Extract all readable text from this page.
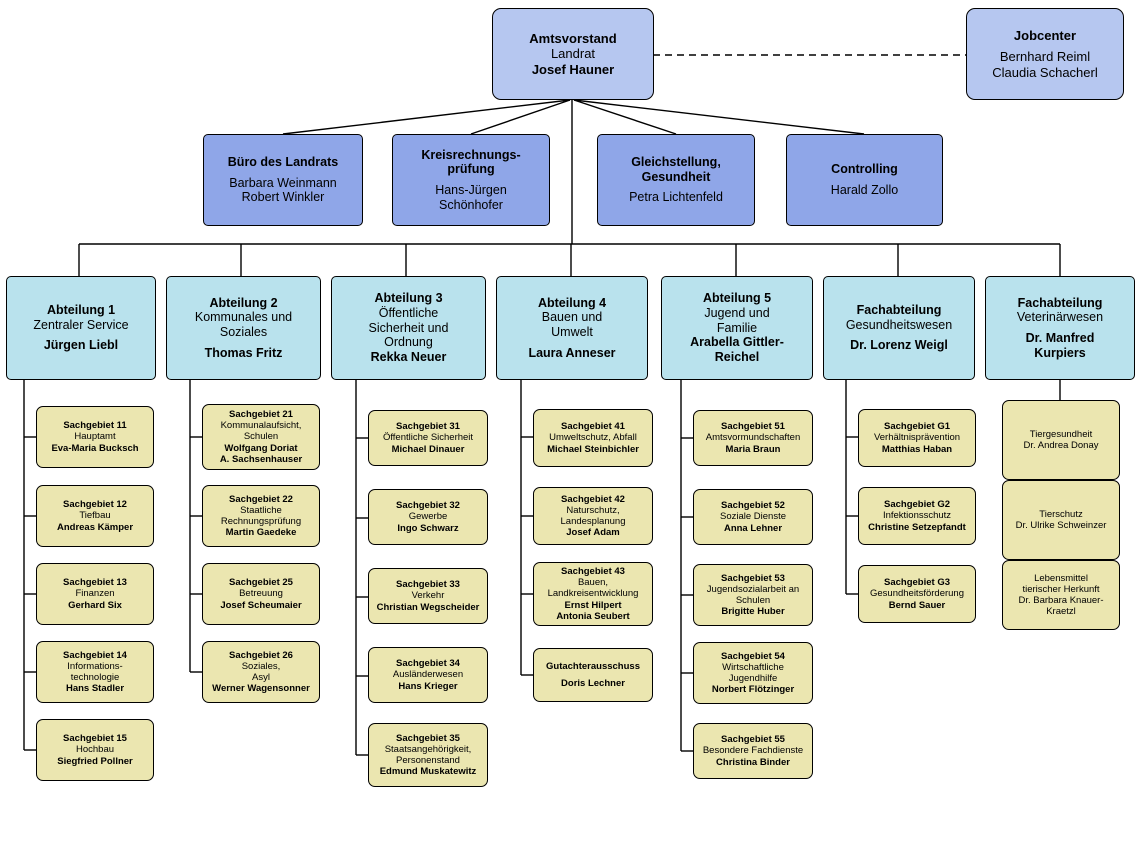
Amtsvorstand
Landrat
Josef Hauner
Jobcenter
Bernhard Reiml
Claudia Schacherl
Büro des Landrats
Barbara Weinmann
Robert Winkler
Kreisrechnungs-
prüfung
Hans-Jürgen
Schönhofer
Gleichstellung,
Gesundheit
Petra Lichtenfeld
Controlling
Harald Zollo
Abteilung 1
Zentraler Service
Jürgen Liebl
Abteilung 2
Kommunales und
Soziales
Thomas Fritz
Abteilung 3
Öffentliche
Sicherheit und
Ordnung
Rekka Neuer
Abteilung 4
Bauen und
Umwelt
Laura Anneser
Abteilung 5
Jugend und
Familie
Arabella Gittler-
Reichel
Fachabteilung
Gesundheitswesen
Dr. Lorenz Weigl
Fachabteilung
Veterinärwesen
Dr. Manfred
Kurpiers
Sachgebiet 11
Hauptamt
Eva-Maria Bucksch
Sachgebiet 12
Tiefbau
Andreas Kämper
Sachgebiet 13
Finanzen
Gerhard Six
Sachgebiet 14
Informations-
technologie
Hans Stadler
Sachgebiet 15
Hochbau
Siegfried Pollner
Sachgebiet 21
Kommunalaufsicht,
Schulen
Wolfgang Doriat
A. Sachsenhauser
Sachgebiet 22
Staatliche
Rechnungsprüfung
Martin Gaedeke
Sachgebiet 25
Betreuung
Josef Scheumaier
Sachgebiet 26
Soziales,
Asyl
Werner Wagensonner
Sachgebiet 31
Öffentliche Sicherheit
Michael Dinauer
Sachgebiet 32
Gewerbe
Ingo Schwarz
Sachgebiet 33
Verkehr
Christian Wegscheider
Sachgebiet 34
Ausländerwesen
Hans Krieger
Sachgebiet 35
Staatsangehörigkeit,
Personenstand
Edmund Muskatewitz
Sachgebiet 41
Umweltschutz, Abfall
Michael Steinbichler
Sachgebiet 42
Naturschutz,
Landesplanung
Josef Adam
Sachgebiet 43
Bauen,
Landkreisentwicklung
Ernst Hilpert
Antonia Seubert
Gutachterausschuss
Doris Lechner
Sachgebiet 51
Amtsvormundschaften
Maria Braun
Sachgebiet 52
Soziale Dienste
Anna Lehner
Sachgebiet 53
Jugendsozialarbeit an
Schulen
Brigitte Huber
Sachgebiet 54
Wirtschaftliche
Jugendhilfe
Norbert Flötzinger
Sachgebiet 55
Besondere Fachdienste
Christina Binder
Sachgebiet G1
Verhältnisprävention
Matthias Haban
Sachgebiet G2
Infektionsschutz
Christine Setzepfandt
Sachgebiet G3
Gesundheitsförderung
Bernd Sauer
Tiergesundheit
Dr. Andrea Donay
Tierschutz
Dr. Ulrike Schweinzer
Lebensmittel
tierischer Herkunft
Dr. Barbara Knauer-
Kraetzl
